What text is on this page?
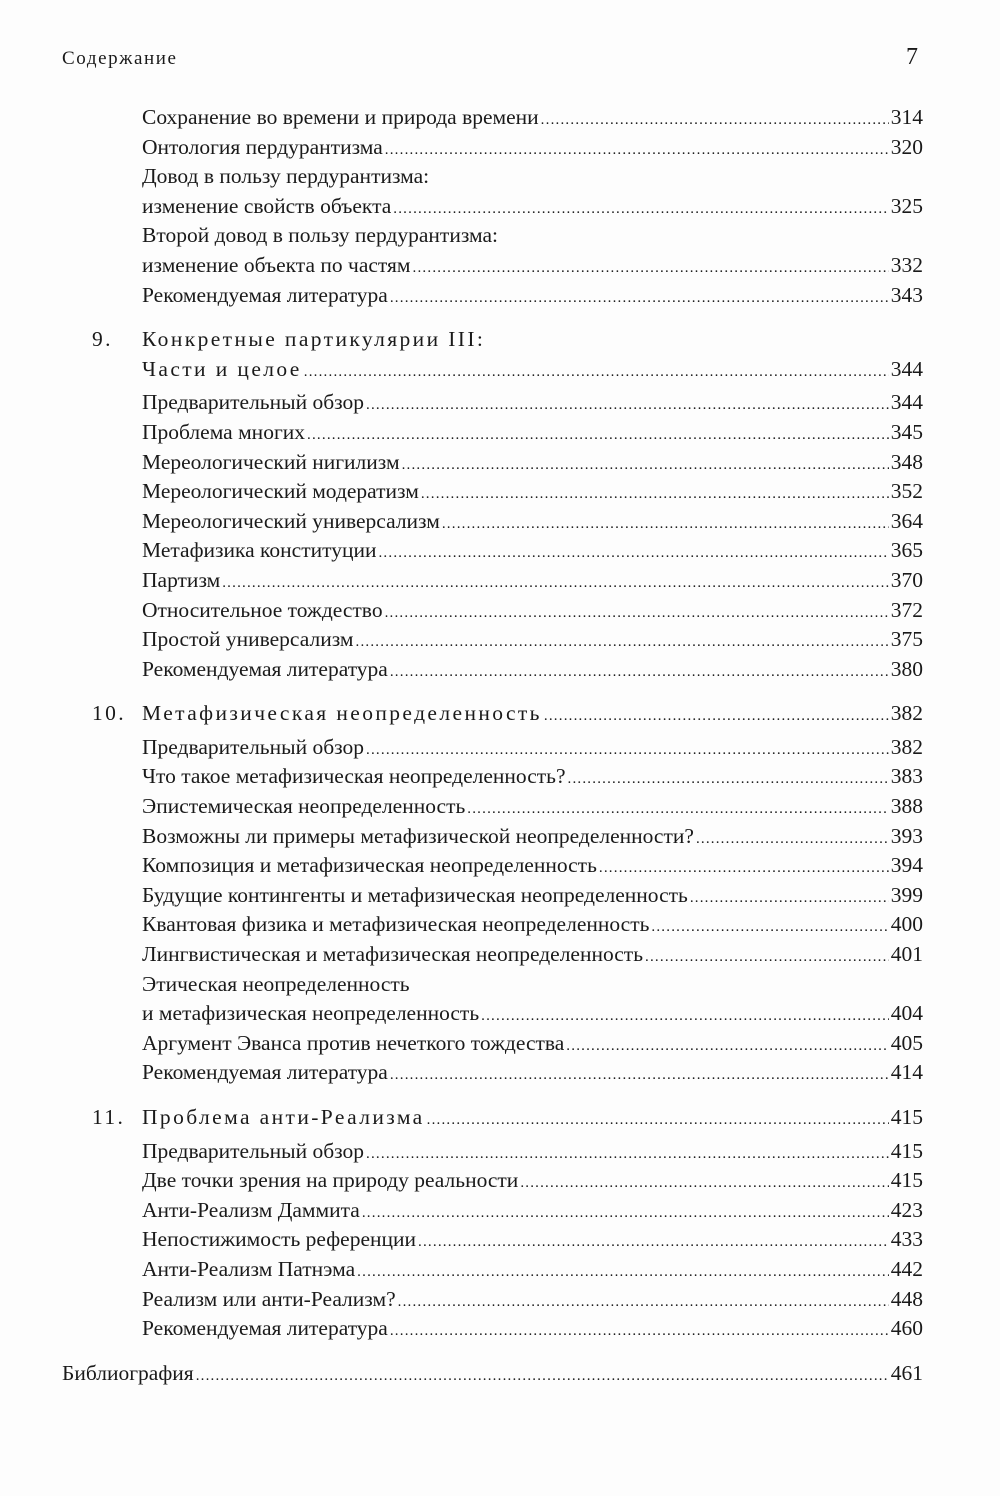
Содержание	7
Сохранение во времени и природа времени .....	314
Онтология пердурантизма .....	320
Довод в пользу пердурантизма:
изменение свойств объекта .....	325
Второй довод в пользу пердурантизма:
изменение объекта по частям .....	332
Рекомендуемая литература .....	343
9.	Конкретные партикулярии III:
Части и целое .....	344
Предварительный обзор .....	344
Проблема многих .....	345
Мереологический нигилизм .....	348
Мереологический модератизм .....	352
Мереологический универсализм .....	364
Метафизика конституции .....	365
Партизм .....	370
Относительное тождество .....	372
Простой универсализм .....	375
Рекомендуемая литература .....	380
10. Метафизическая неопределенность .....	382
Предварительный обзор .....	382
Что такое метафизическая неопределенность? .....	383
Эпистемическая неопределенность .....	388
Возможны ли примеры метафизической неопределенности? .....	393
Композиция и метафизическая неопределенность .....	394
Будущие контингенты и метафизическая неопределенность .....	399
Квантовая физика и метафизическая неопределенность .....	400
Лингвистическая и метафизическая неопределенность .....	401
Этическая неопределенность
и метафизическая неопределенность .....	404
Аргумент Эванса против нечеткого тождества .....	405
Рекомендуемая литература .....	414
11. Проблема анти-Реализма .....	415
Предварительный обзор .....	415
Две точки зрения на природу реальности .....	415
Анти-Реализм Даммита .....	423
Непостижимость референции .....	433
Анти-Реализм Патнэма .....	442
Реализм или анти-Реализм? .....	448
Рекомендуемая литература .....	460
Библиография .....	461
